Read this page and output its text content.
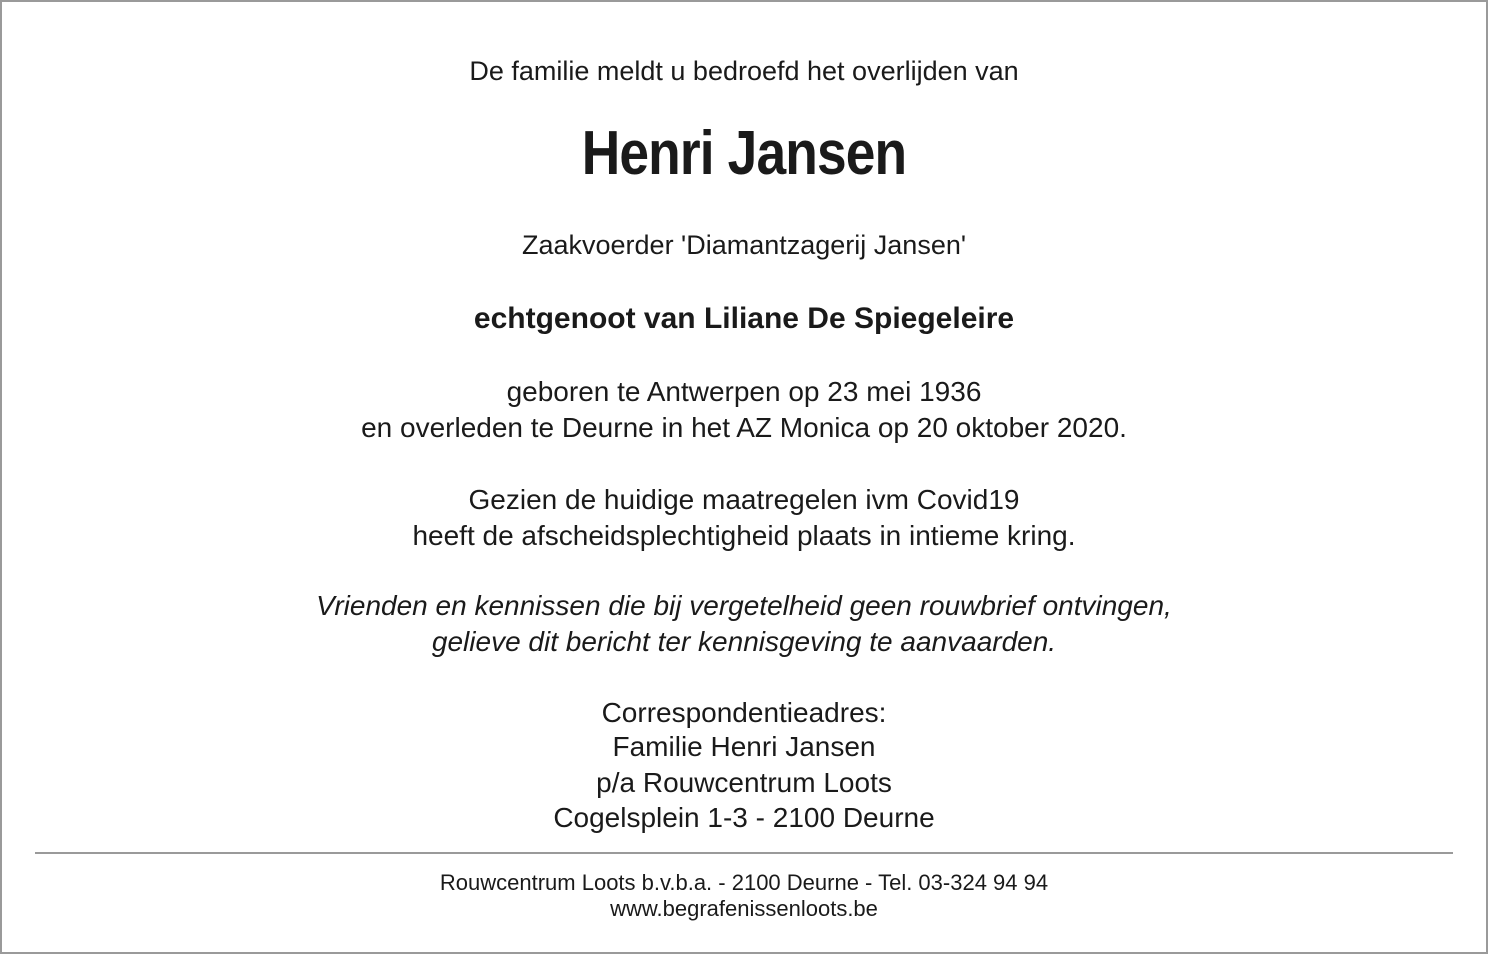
De familie meldt u bedroefd het overlijden van

Henri Jansen

Zaakvoerder 'Diamantzagerij Jansen'

echtgenoot van Liliane De Spiegeleire

geboren te Antwerpen op 23 mei 1936

en overleden te Deurne in het AZ Monica op 20 oktober 2020.

Gezien de huidige maatregelen ivm Covid19

heeft de afscheidsplechtigheid plaats in intieme kring.

Vrienden en kennissen die bij vergetelheid geen rouwbrief ontvingen,

gelieve dit bericht ter kennisgeving te aanvaarden.

Correspondentieadres:

Familie Henri Jansen

p/a Rouwcentrum Loots

Cogelsplein 1-3 - 2100 Deurne

Rouwcentrum Loots b.v.b.a. - 2100 Deurne - Tel. 03-324 94 94

www.begrafenissenloots.be
